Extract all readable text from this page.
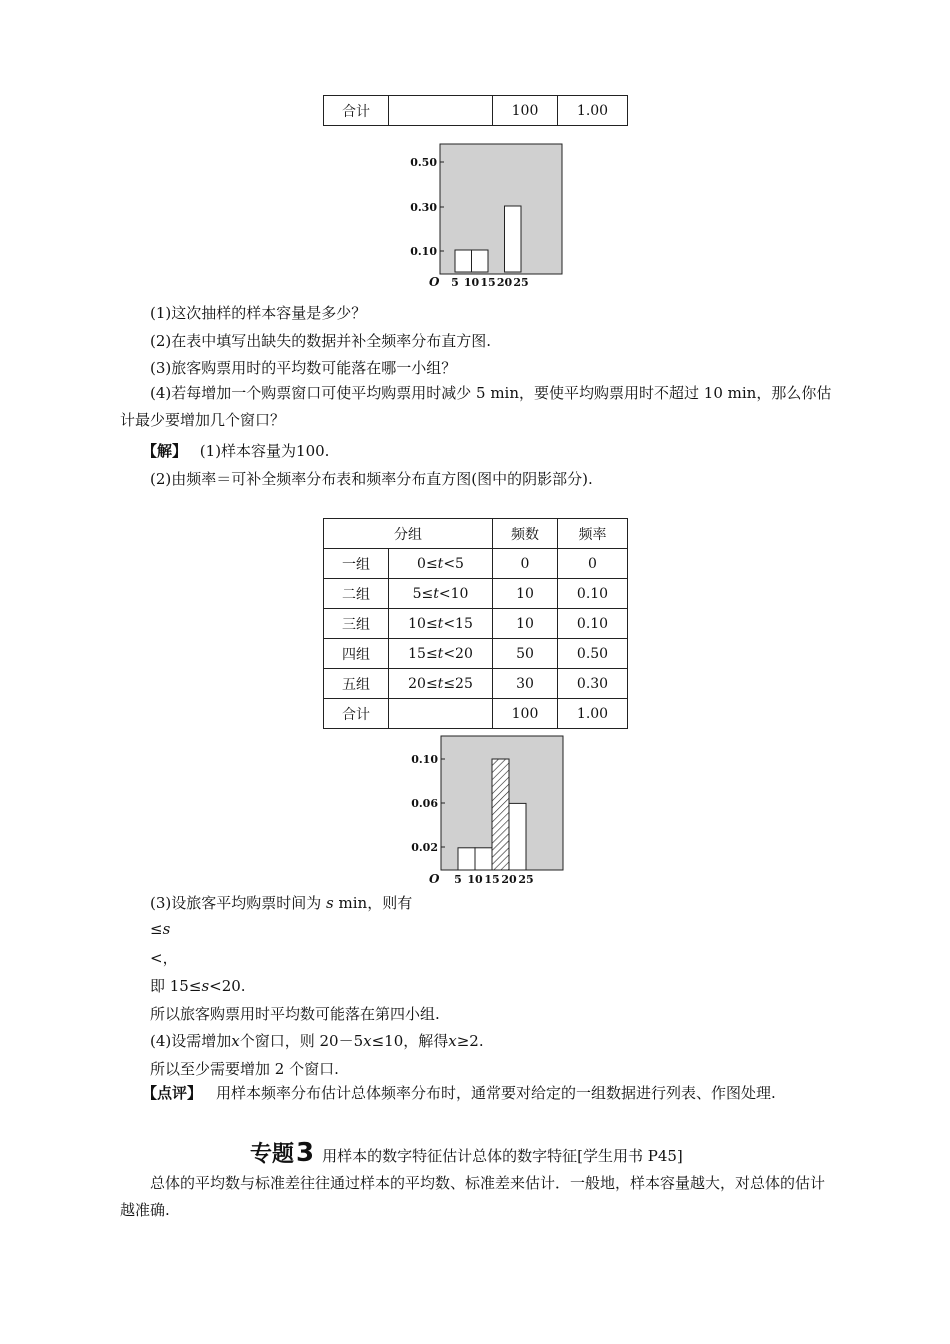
合计		100	1.00
0.50
0.30
0.10
5 10 15 20 25
O
(1)这次抽样的样本容量是多少？
(2)在表中填写出缺失的数据并补全频率分布直方图.
(3)旅客购票用时的平均数可能落在哪一小组？
(4)若每增加一个购票窗口可使平均购票用时减少 5 min，要使平均购票用时不超过 10 min，那么你估计最少要增加几个窗口？
【解】 (1)样本容量为100.
(2)由频率＝可补全频率分布表和频率分布直方图(图中的阴影部分).
分组		频数	频率
一组	0≤t<5	0	0
二组	5≤t<10	10	0.10
三组	10≤t<15	10	0.10
四组	15≤t<20	50	0.50
五组	20≤t≤25	30	0.30
合计		100	1.00
0.10
0.06
0.02
5 10 15 20 25
O
(3)设旅客平均购票时间为 s min，则有
≤s
<，
即 15≤s<20.
所以旅客购票用时平均数可能落在第四小组.
(4)设需增加x个窗口，则 20－5x≤10，解得x≥2.
所以至少需要增加 2 个窗口.
【点评】 用样本频率分布估计总体频率分布时，通常要对给定的一组数据进行列表、作图处理.
专题3 用样本的数字特征估计总体的数字特征[学生用书 P45]
总体的平均数与标准差往往通过样本的平均数、标准差来估计．一般地，样本容量越大，对总体的估计越准确.
